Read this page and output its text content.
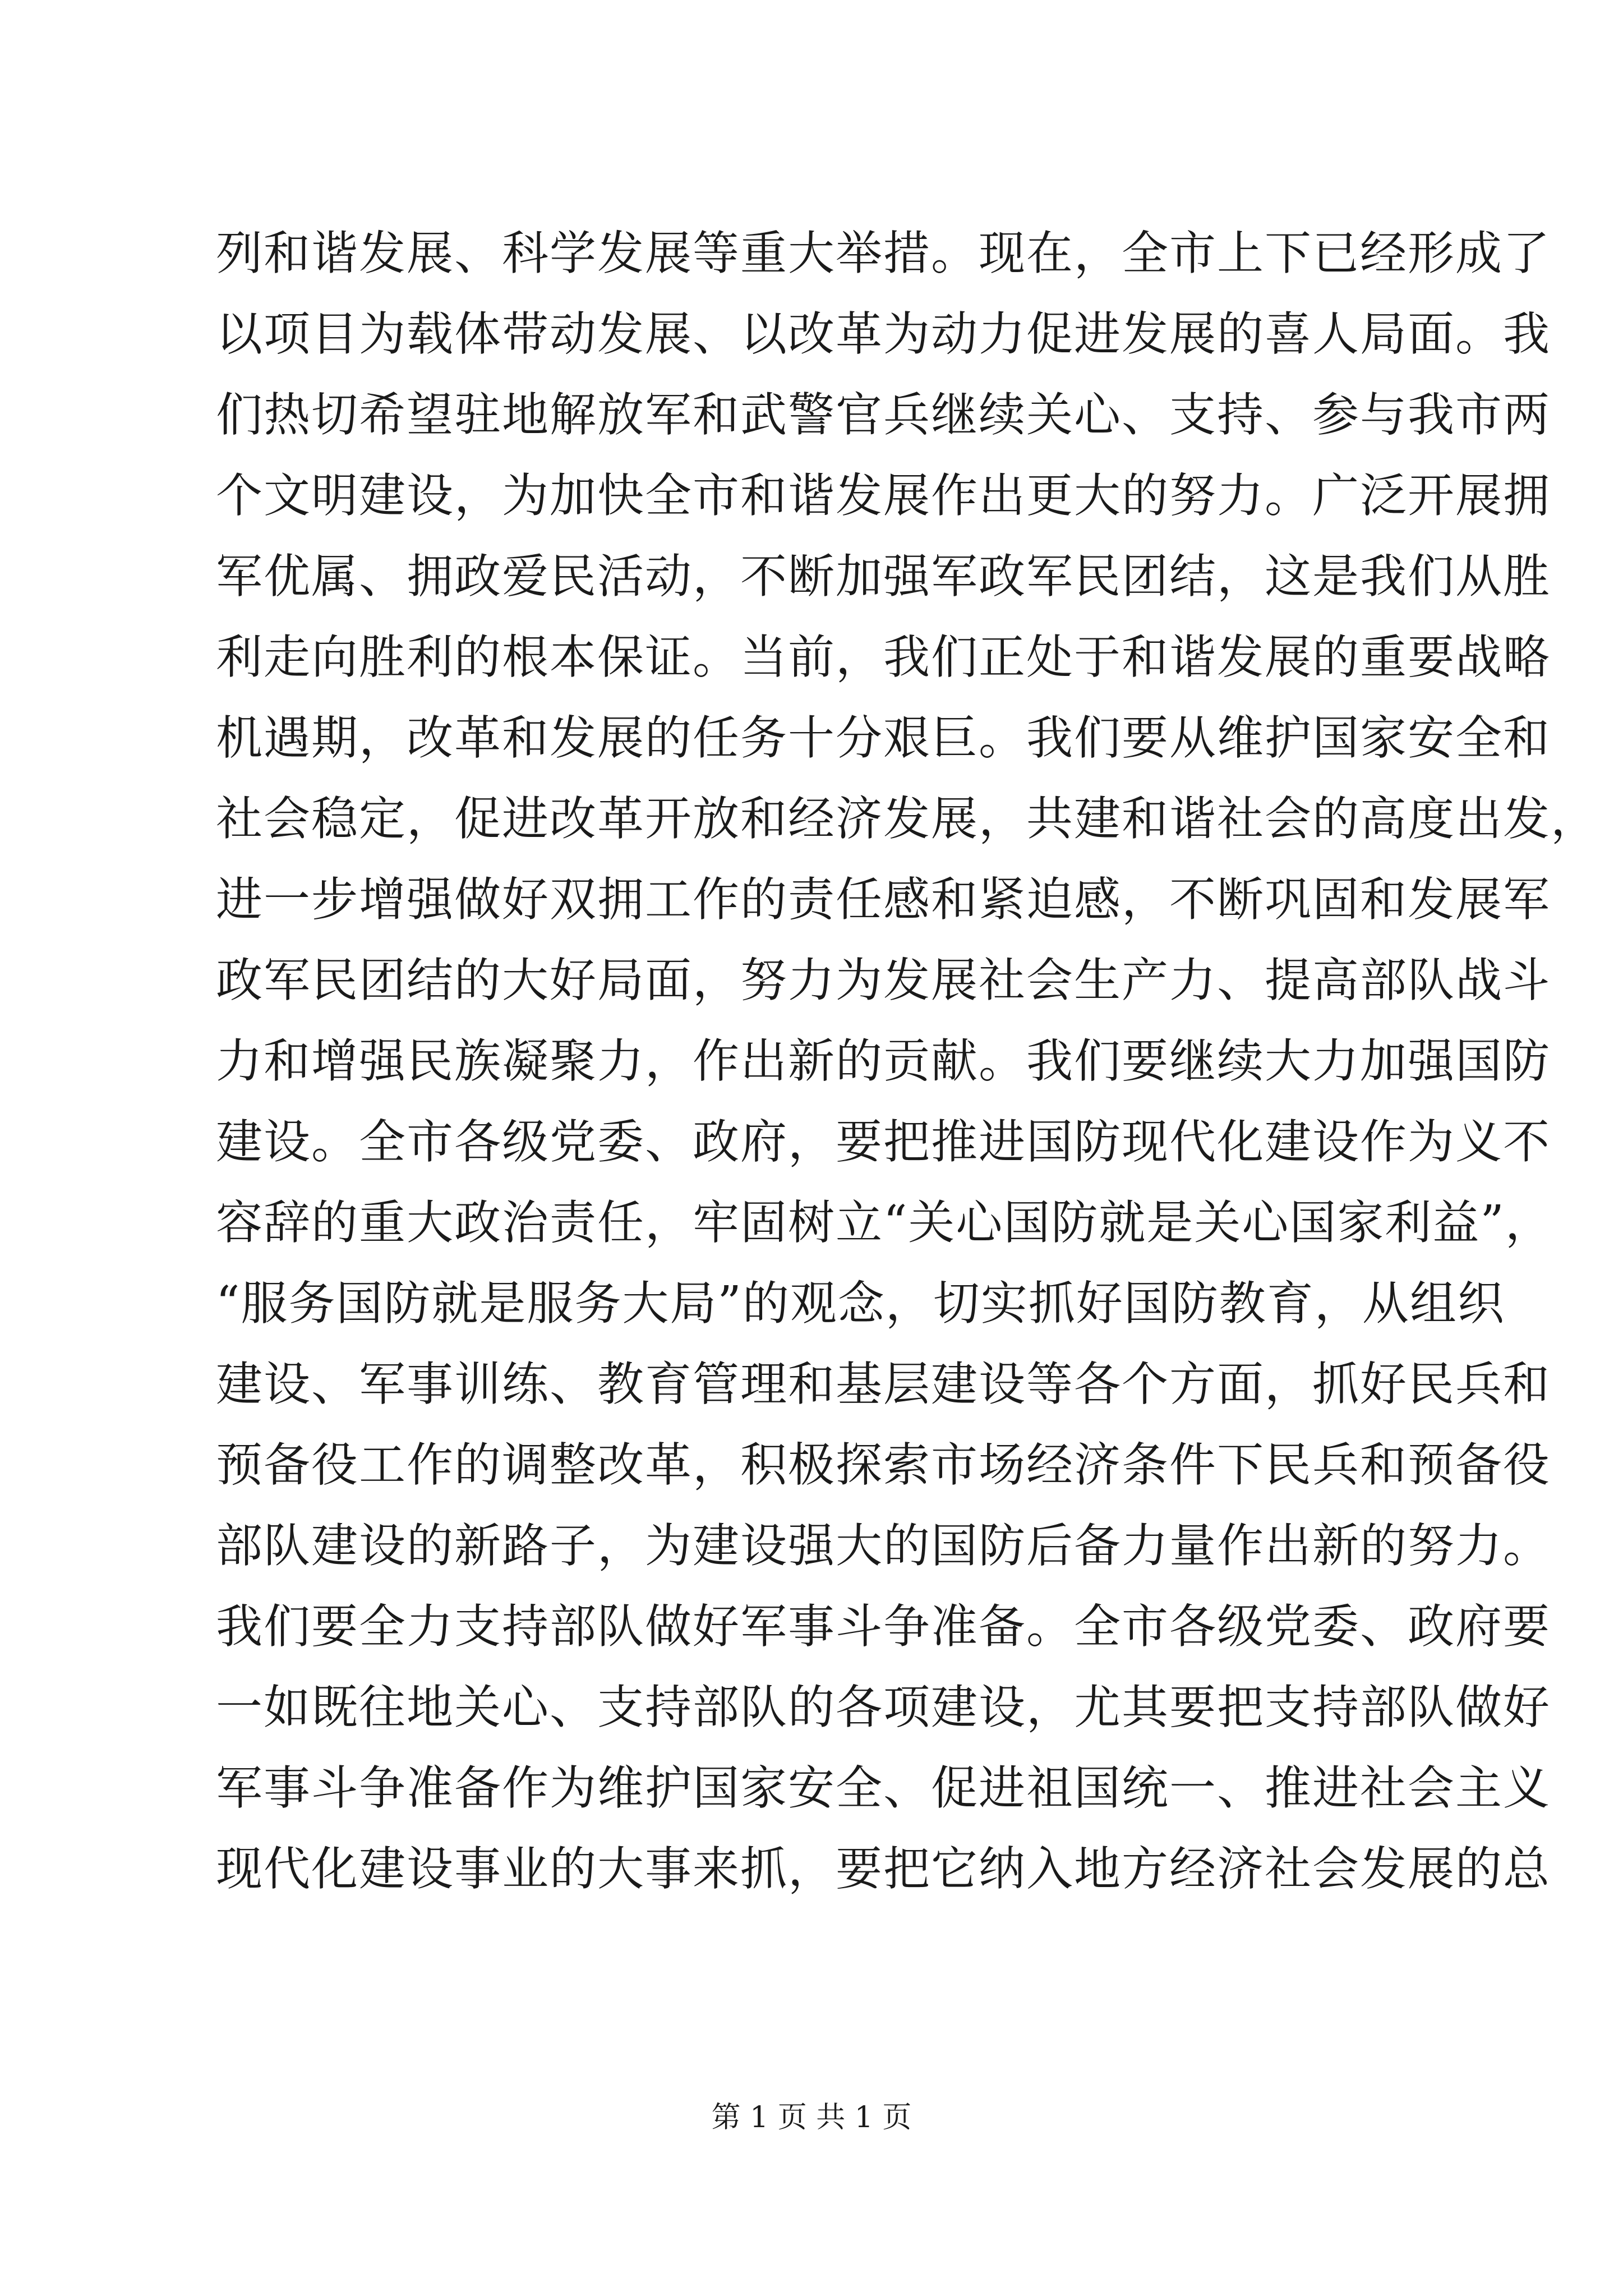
列和谐发展、科学发展等重大举措。现在，全市上下已经形成了
以项目为载体带动发展、以改革为动力促进发展的喜人局面。我
们热切希望驻地解放军和武警官兵继续关心、支持、参与我市两
个文明建设，为加快全市和谐发展作出更大的努力。广泛开展拥
军优属、拥政爱民活动，不断加强军政军民团结，这是我们从胜
利走向胜利的根本保证。当前，我们正处于和谐发展的重要战略
机遇期，改革和发展的任务十分艰巨。我们要从维护国家安全和
社会稳定，促进改革开放和经济发展，共建和谐社会的高度出发，
进一步增强做好双拥工作的责任感和紧迫感，不断巩固和发展军
政军民团结的大好局面，努力为发展社会生产力、提高部队战斗
力和增强民族凝聚力，作出新的贡献。我们要继续大力加强国防
建设。全市各级党委、政府，要把推进国防现代化建设作为义不
容辞的重大政治责任，牢固树立“关心国防就是关心国家利益”，
“服务国防就是服务大局”的观念，切实抓好国防教育，从组织
建设、军事训练、教育管理和基层建设等各个方面，抓好民兵和
预备役工作的调整改革，积极探索市场经济条件下民兵和预备役
部队建设的新路子，为建设强大的国防后备力量作出新的努力。
我们要全力支持部队做好军事斗争准备。全市各级党委、政府要
一如既往地关心、支持部队的各项建设，尤其要把支持部队做好
军事斗争准备作为维护国家安全、促进祖国统一、推进社会主义
现代化建设事业的大事来抓，要把它纳入地方经济社会发展的总
第 1 页 共 1 页
